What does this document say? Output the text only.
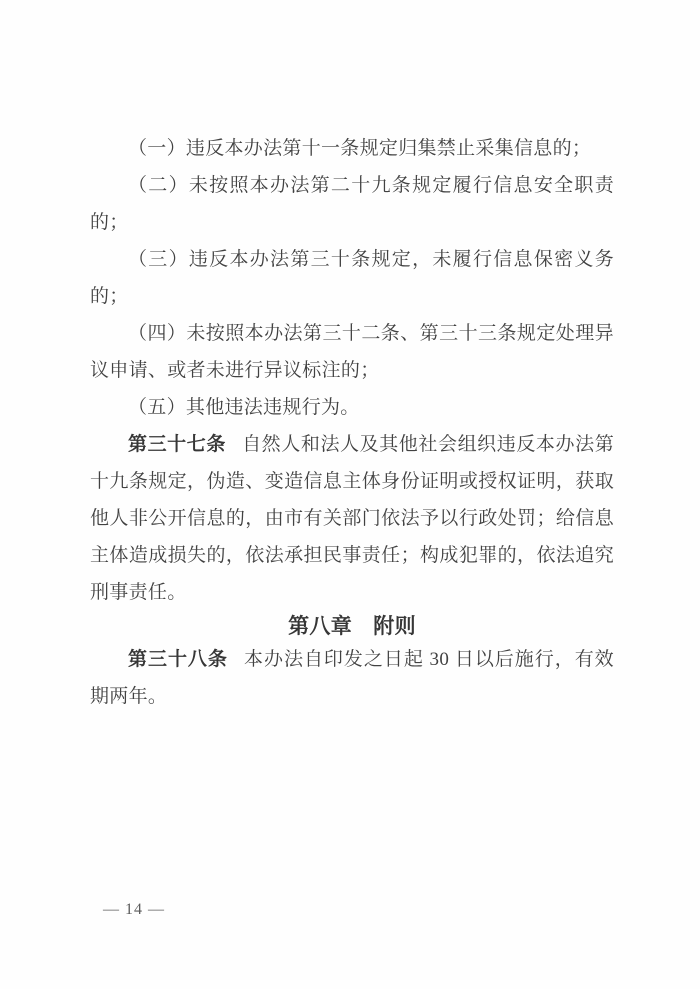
（一）违反本办法第十一条规定归集禁止采集信息的；

（二）未按照本办法第二十九条规定履行信息安全职责的；

（三）违反本办法第三十条规定，未履行信息保密义务的；

（四）未按照本办法第三十二条、第三十三条规定处理异议申请、或者未进行异议标注的；

（五）其他违法违规行为。

第三十七条 自然人和法人及其他社会组织违反本办法第十九条规定，伪造、变造信息主体身份证明或授权证明，获取他人非公开信息的，由市有关部门依法予以行政处罚；给信息主体造成损失的，依法承担民事责任；构成犯罪的，依法追究刑事责任。

第八章　附则

第三十八条 本办法自印发之日起 30 日以后施行，有效期两年。

— 14 —
